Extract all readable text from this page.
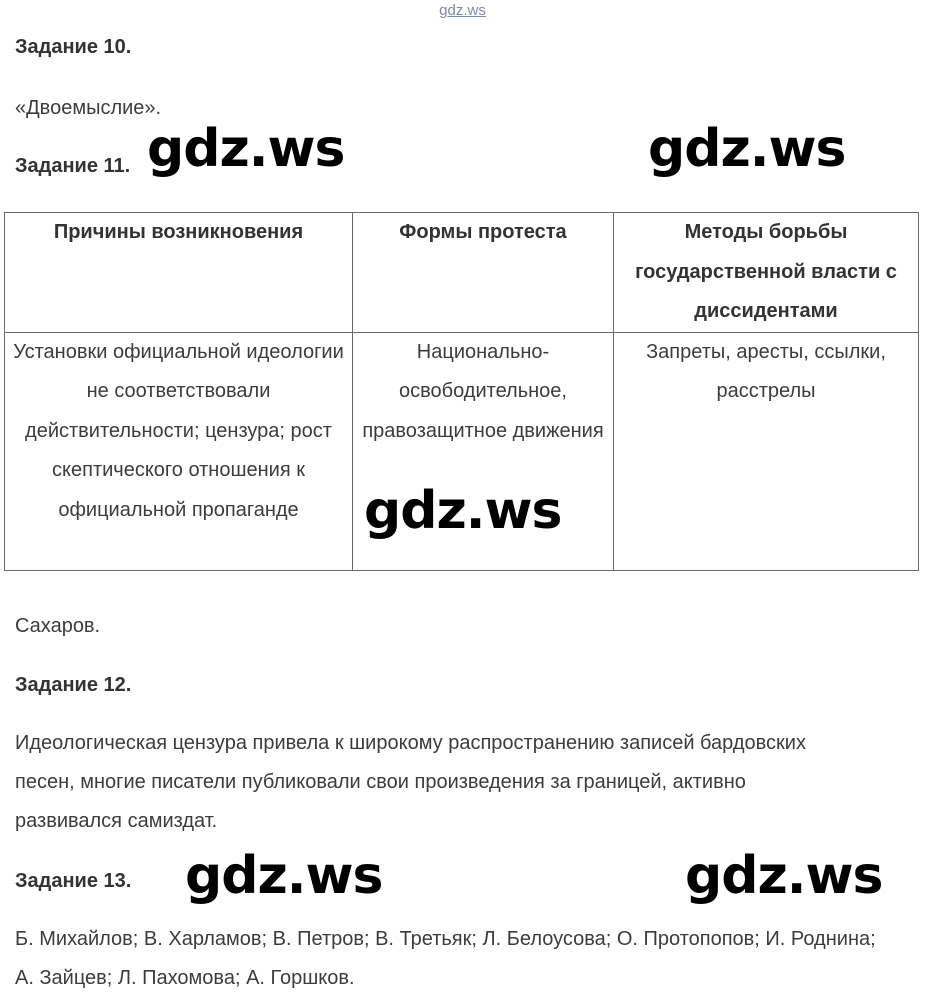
gdz.ws
Задание 10.
«Двоемыслие».
Задание 11.
Причины возникновения	Формы протеста	Методы борьбы государственной власти с диссидентами
Установки официальной идеологии не соответствовали действительности; цензура; рост скептического отношения к официальной пропаганде	Национально-освободительное, правозащитное движения	Запреты, аресты, ссылки, расстрелы
Сахаров.
Задание 12.
Идеологическая цензура привела к широкому распространению записей бардовских песен, многие писатели публиковали свои произведения за границей, активно развивался самиздат.
Задание 13.
Б. Михайлов; В. Харламов; В. Петров; В. Третьяк; Л. Белоусова; О. Протопопов; И. Роднина; А. Зайцев; Л. Пахомова; А. Горшков.
gdz.ws	gdz.ws
gdz.ws
gdz.ws	gdz.ws
